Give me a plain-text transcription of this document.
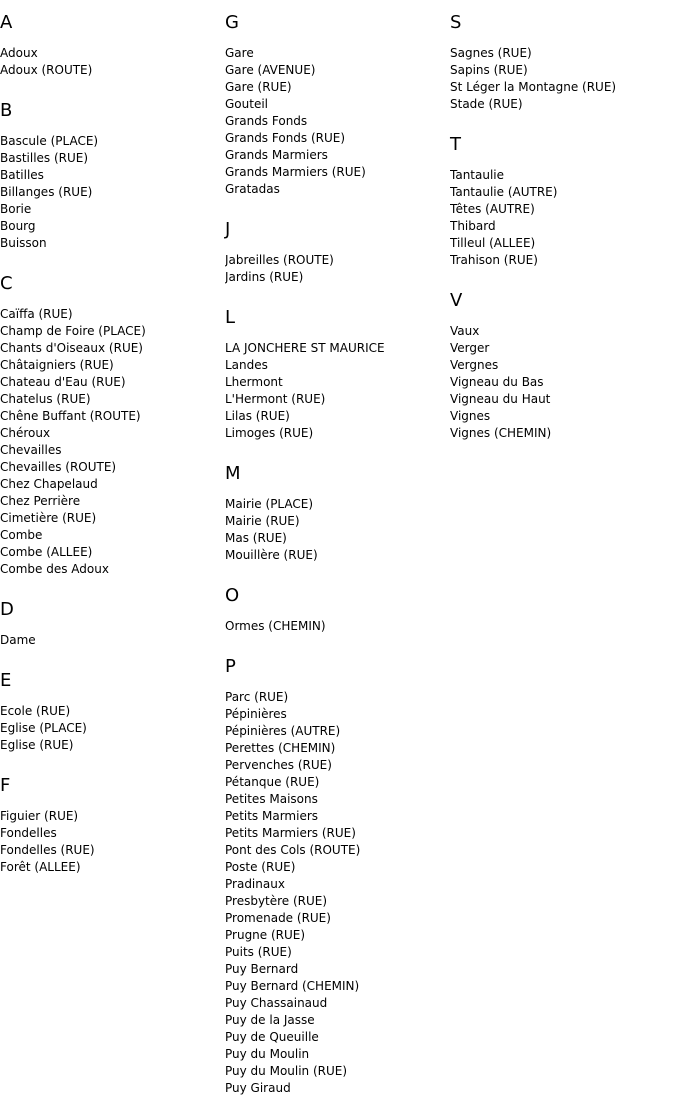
A
Adoux
Adoux (ROUTE)
B
Bascule (PLACE)
Bastilles (RUE)
Batilles
Billanges (RUE)
Borie
Bourg
Buisson
C
Caïffa (RUE)
Champ de Foire (PLACE)
Chants d'Oiseaux (RUE)
Châtaigniers (RUE)
Chateau d'Eau (RUE)
Chatelus (RUE)
Chêne Buffant (ROUTE)
Chéroux
Chevailles
Chevailles (ROUTE)
Chez Chapelaud
Chez Perrière
Cimetière (RUE)
Combe
Combe (ALLEE)
Combe des Adoux
D
Dame
E
Ecole (RUE)
Eglise (PLACE)
Eglise (RUE)
F
Figuier (RUE)
Fondelles
Fondelles (RUE)
Forêt (ALLEE)
G
Gare
Gare (AVENUE)
Gare (RUE)
Gouteil
Grands Fonds
Grands Fonds (RUE)
Grands Marmiers
Grands Marmiers (RUE)
Gratadas
J
Jabreilles (ROUTE)
Jardins (RUE)
L
LA JONCHERE ST MAURICE
Landes
Lhermont
L'Hermont (RUE)
Lilas (RUE)
Limoges (RUE)
M
Mairie (PLACE)
Mairie (RUE)
Mas (RUE)
Mouillère (RUE)
O
Ormes (CHEMIN)
P
Parc (RUE)
Pépinières
Pépinières (AUTRE)
Perettes (CHEMIN)
Pervenches (RUE)
Pétanque (RUE)
Petites Maisons
Petits Marmiers
Petits Marmiers (RUE)
Pont des Cols (ROUTE)
Poste (RUE)
Pradinaux
Presbytère (RUE)
Promenade (RUE)
Prugne (RUE)
Puits (RUE)
Puy Bernard
Puy Bernard (CHEMIN)
Puy Chassainaud
Puy de la Jasse
Puy de Queuille
Puy du Moulin
Puy du Moulin (RUE)
Puy Giraud
S
Sagnes (RUE)
Sapins (RUE)
St Léger la Montagne (RUE)
Stade (RUE)
T
Tantaulie
Tantaulie (AUTRE)
Têtes (AUTRE)
Thibard
Tilleul (ALLEE)
Trahison (RUE)
V
Vaux
Verger
Vergnes
Vigneau du Bas
Vigneau du Haut
Vignes
Vignes (CHEMIN)
